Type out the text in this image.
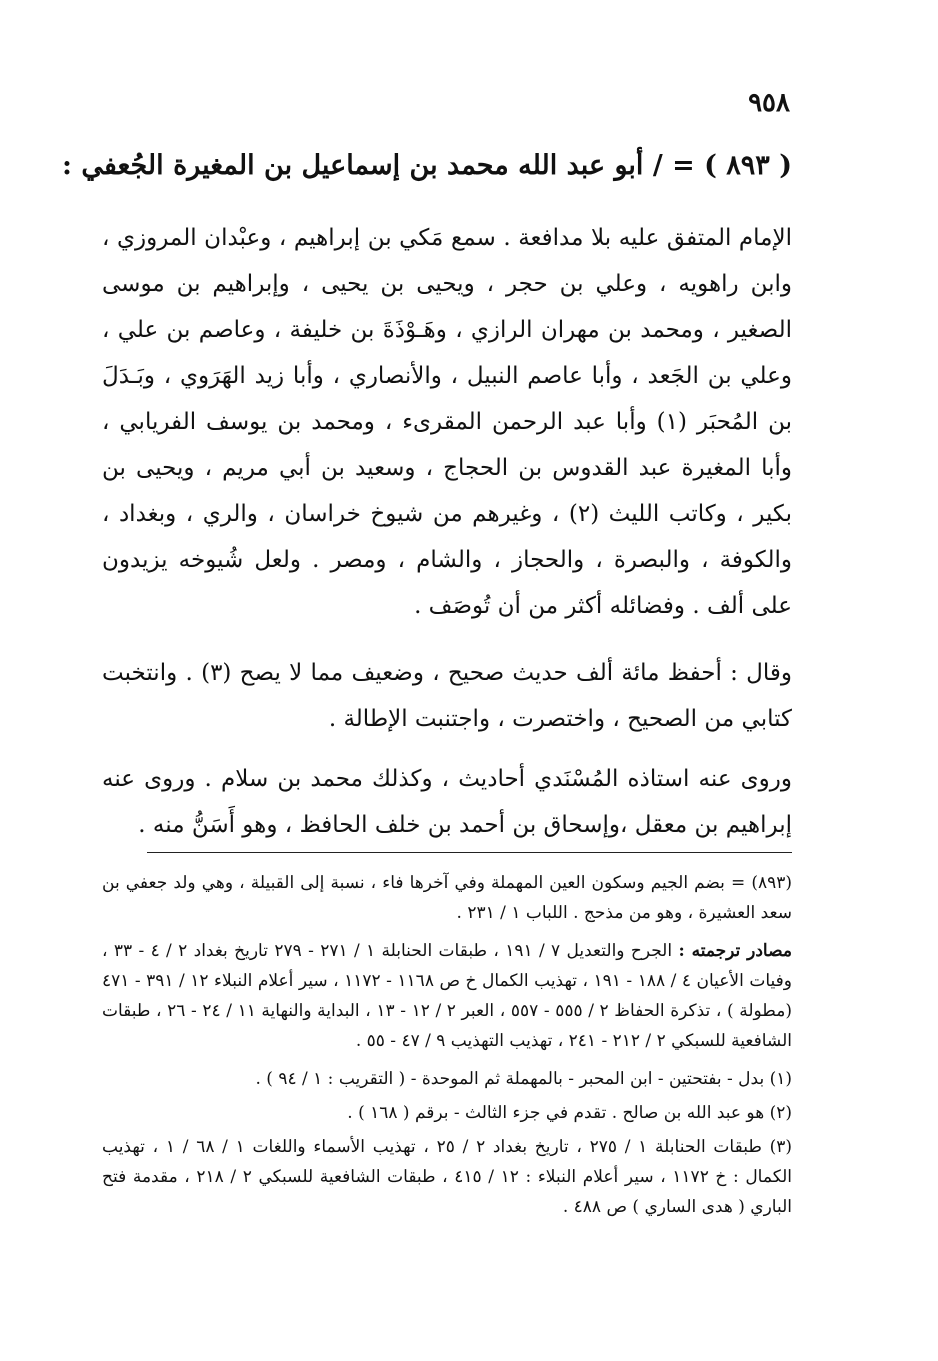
٩٥٨
( ٨٩٣ ) = / أبو عبد الله محمد بن إسماعيل بن المغيرة الجُعفي :

الإمام المتفق عليه بلا مدافعة . سمع مَكي بن إبراهيم ، وعبْدان المروزي ، وابن راهويه ، وعلي بن حجر ، ويحيى بن يحيى ، وإبراهيم بن موسى الصغير ، ومحمد بن مهران الرازي ، وهَـوْذَةَ بن خليفة ، وعاصم بن علي ، وعلي بن الجَعد ، وأبا عاصم النبيل ، والأنصاري ، وأبا زيد الهَرَوي ، وبَـدَلَ بن المُحبَر (١) وأبا عبد الرحمن المقرىء ، ومحمد بن يوسف الفريابي ، وأبا المغيرة عبد القدوس بن الحجاج ، وسعيد بن أبي مريم ، ويحيى بن بكير ، وكاتب الليث (٢) ، وغيرهم من شيوخ خراسان ، والري ، وبغداد ، والكوفة ، والبصرة ، والحجاز ، والشام ، ومصر . ولعل شُيوخه يزيدون على ألف . وفضائله أكثر من أن تُوصَف .

وقال : أحفظ مائة ألف حديث صحيح ، وضعيف مما لا يصح (٣) . وانتخبت كتابي من الصحيح ، واختصرت ، واجتنبت الإطالة .

وروى عنه استاذه المُسْنَدي أحاديث ، وكذلك محمد بن سلام . وروى عنه إبراهيم بن معقل ،وإسحاق بن أحمد بن خلف الحافظ ، وهو أَسَنُّ منه .

(٨٩٣) = بضم الجيم وسكون العين المهملة وفي آخرها فاء ، نسبة إلى القبيلة ، وهي ولد جعفي بن سعد العشيرة ، وهو من مذحج . اللباب ١ / ٢٣١ .
مصادر ترجمته : الجرح والتعديل ٧ / ١٩١ ، طبقات الحنابلة ١ / ٢٧١ - ٢٧٩ تاريخ بغداد ٢ / ٤ - ٣٣ ، وفيات الأعيان ٤ / ١٨٨ - ١٩١ ، تهذيب الكمال خ ص ١١٦٨ - ١١٧٢ ، سير أعلام النبلاء ١٢ / ٣٩١ - ٤٧١ (مطولة ) ، تذكرة الحفاظ ٢ / ٥٥٥ - ٥٥٧ ، العبر ٢ / ١٢ - ١٣ ، البداية والنهاية ١١ / ٢٤ - ٢٦ ، طبقات الشافعية للسبكي ٢ / ٢١٢ - ٢٤١ ، تهذيب التهذيب ٩ / ٤٧ - ٥٥ .
(١) بدل - بفتحتين - ابن المحبر - بالمهملة ثم الموحدة - ( التقريب : ١ / ٩٤ ) .
(٢) هو عبد الله بن صالح . تقدم في جزء الثالث - برقم ( ١٦٨ ) .
(٣) طبقات الحنابلة ١ / ٢٧٥ ، تاريخ بغداد ٢ / ٢٥ ، تهذيب الأسماء واللغات ١ / ٦٨ / ١ ، تهذيب الكمال : خ ١١٧٢ ، سير أعلام النبلاء : ١٢ / ٤١٥ ، طبقات الشافعية للسبكي ٢ / ٢١٨ ، مقدمة فتح الباري ( هدى الساري ) ص ٤٨٨ .
